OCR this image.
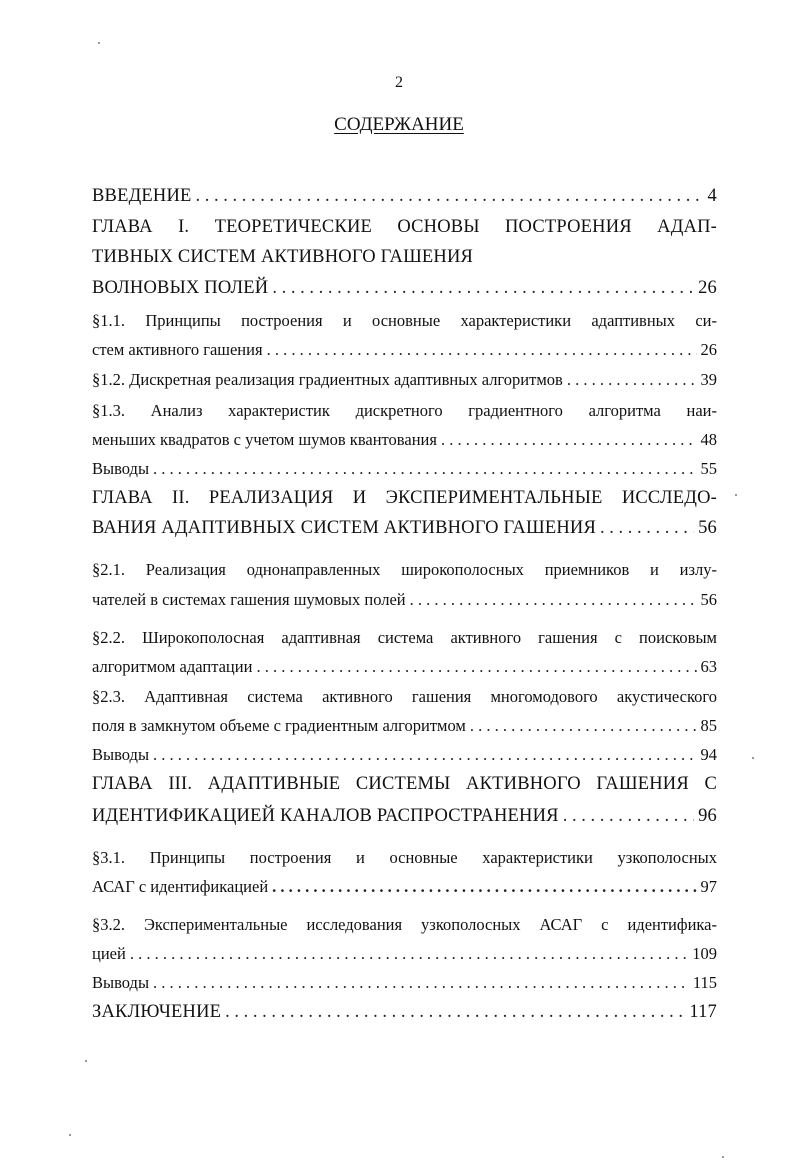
2
СОДЕРЖАНИЕ
ВВЕДЕНИЕ . . .	4
ГЛАВА I. ТЕОРЕТИЧЕСКИЕ ОСНОВЫ ПОСТРОЕНИЯ АДАП-
ТИВНЫХ СИСТЕМ АКТИВНОГО ГАШЕНИЯ
ВОЛНОВЫХ ПОЛЕЙ . . .	26
§1.1. Принципы построения и основные характеристики адаптивных си-
стем активного гашения . . .	26
§1.2. Дискретная реализация градиентных адаптивных алгоритмов . . .	39
§1.3. Анализ характеристик дискретного градиентного алгоритма наи-
меньших квадратов с учетом шумов квантования . . .	48
Выводы . . .	55
ГЛАВА II. РЕАЛИЗАЦИЯ И ЭКСПЕРИМЕНТАЛЬНЫЕ ИССЛЕДО-
ВАНИЯ АДАПТИВНЫХ СИСТЕМ АКТИВНОГО ГАШЕНИЯ . . .	56
§2.1. Реализация однонаправленных широкополосных приемников и излу-
чателей в системах гашения шумовых полей . . .	56
§2.2. Широкополосная адаптивная система активного гашения с поисковым
алгоритмом адаптации . . .	63
§2.3. Адаптивная система активного гашения многомодового акустического
поля в замкнутом объеме с градиентным алгоритмом . . .	85
Выводы . . .	94
ГЛАВА III. АДАПТИВНЫЕ СИСТЕМЫ АКТИВНОГО ГАШЕНИЯ С
ИДЕНТИФИКАЦИЕЙ КАНАЛОВ РАСПРОСТРАНЕНИЯ . . .	96
§3.1. Принципы построения и основные характеристики узкополосных
АСАГ с идентификацией . . .	97
§3.2. Экспериментальные исследования узкополосных АСАГ с идентифика-
цией . . .	109
Выводы . . .	115
ЗАКЛЮЧЕНИЕ . . .	117
